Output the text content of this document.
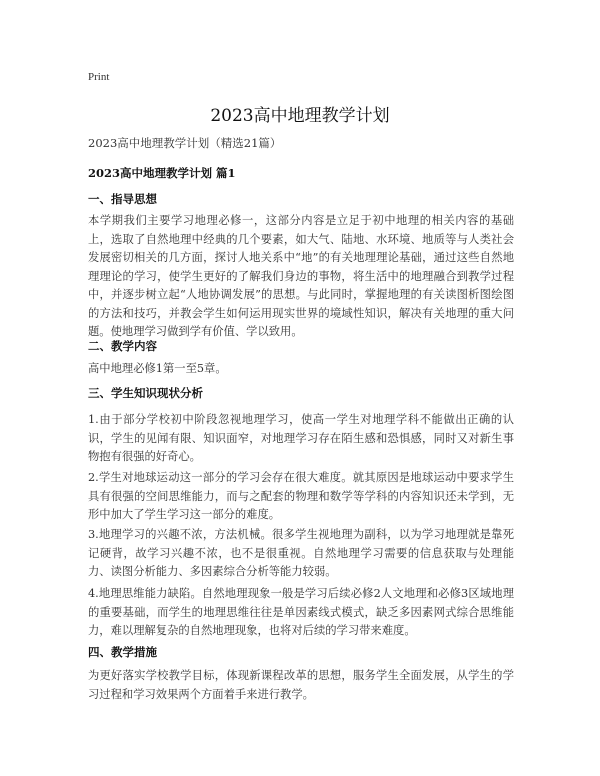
Print
2023高中地理教学计划
2023高中地理教学计划（精选21篇）
2023高中地理教学计划 篇1
一、指导思想

本学期我们主要学习地理必修一，这部分内容是立足于初中地理的相关内容的基础上，选取了自然地理中经典的几个要素，如大气、陆地、水环境、地质等与人类社会发展密切相关的几方面，探讨人地关系中“地”的有关地理理论基础，通过这些自然地理理论的学习，使学生更好的了解我们身边的事物，将生活中的地理融合到教学过程中，并逐步树立起“人地协调发展”的思想。与此同时，掌握地理的有关读图析图绘图的方法和技巧，并教会学生如何运用现实世界的境域性知识，解决有关地理的重大问题。使地理学习做到学有价值、学以致用。

二、教学内容

高中地理必修1第一至5章。

三、学生知识现状分析

1.由于部分学校初中阶段忽视地理学习，使高一学生对地理学科不能做出正确的认识，学生的见闻有限、知识面窄，对地理学习存在陌生感和恐惧感，同时又对新生事物抱有很强的好奇心。

2.学生对地球运动这一部分的学习会存在很大难度。就其原因是地球运动中要求学生具有很强的空间思维能力，而与之配套的物理和数学等学科的内容知识还未学到，无形中加大了学生学习这一部分的难度。

3.地理学习的兴趣不浓，方法机械。很多学生视地理为副科，以为学习地理就是靠死记硬背，故学习兴趣不浓，也不是很重视。自然地理学习需要的信息获取与处理能力、读图分析能力、多因素综合分析等能力较弱。

4.地理思维能力缺陷。自然地理现象一般是学习后续必修2人文地理和必修3区域地理的重要基础，而学生的地理思维往往是单因素线式模式，缺乏多因素网式综合思维能力，难以理解复杂的自然地理现象，也将对后续的学习带来难度。

四、教学措施

为更好落实学校教学目标，体现新课程改革的思想，服务学生全面发展，从学生的学习过程和学习效果两个方面着手来进行教学。
